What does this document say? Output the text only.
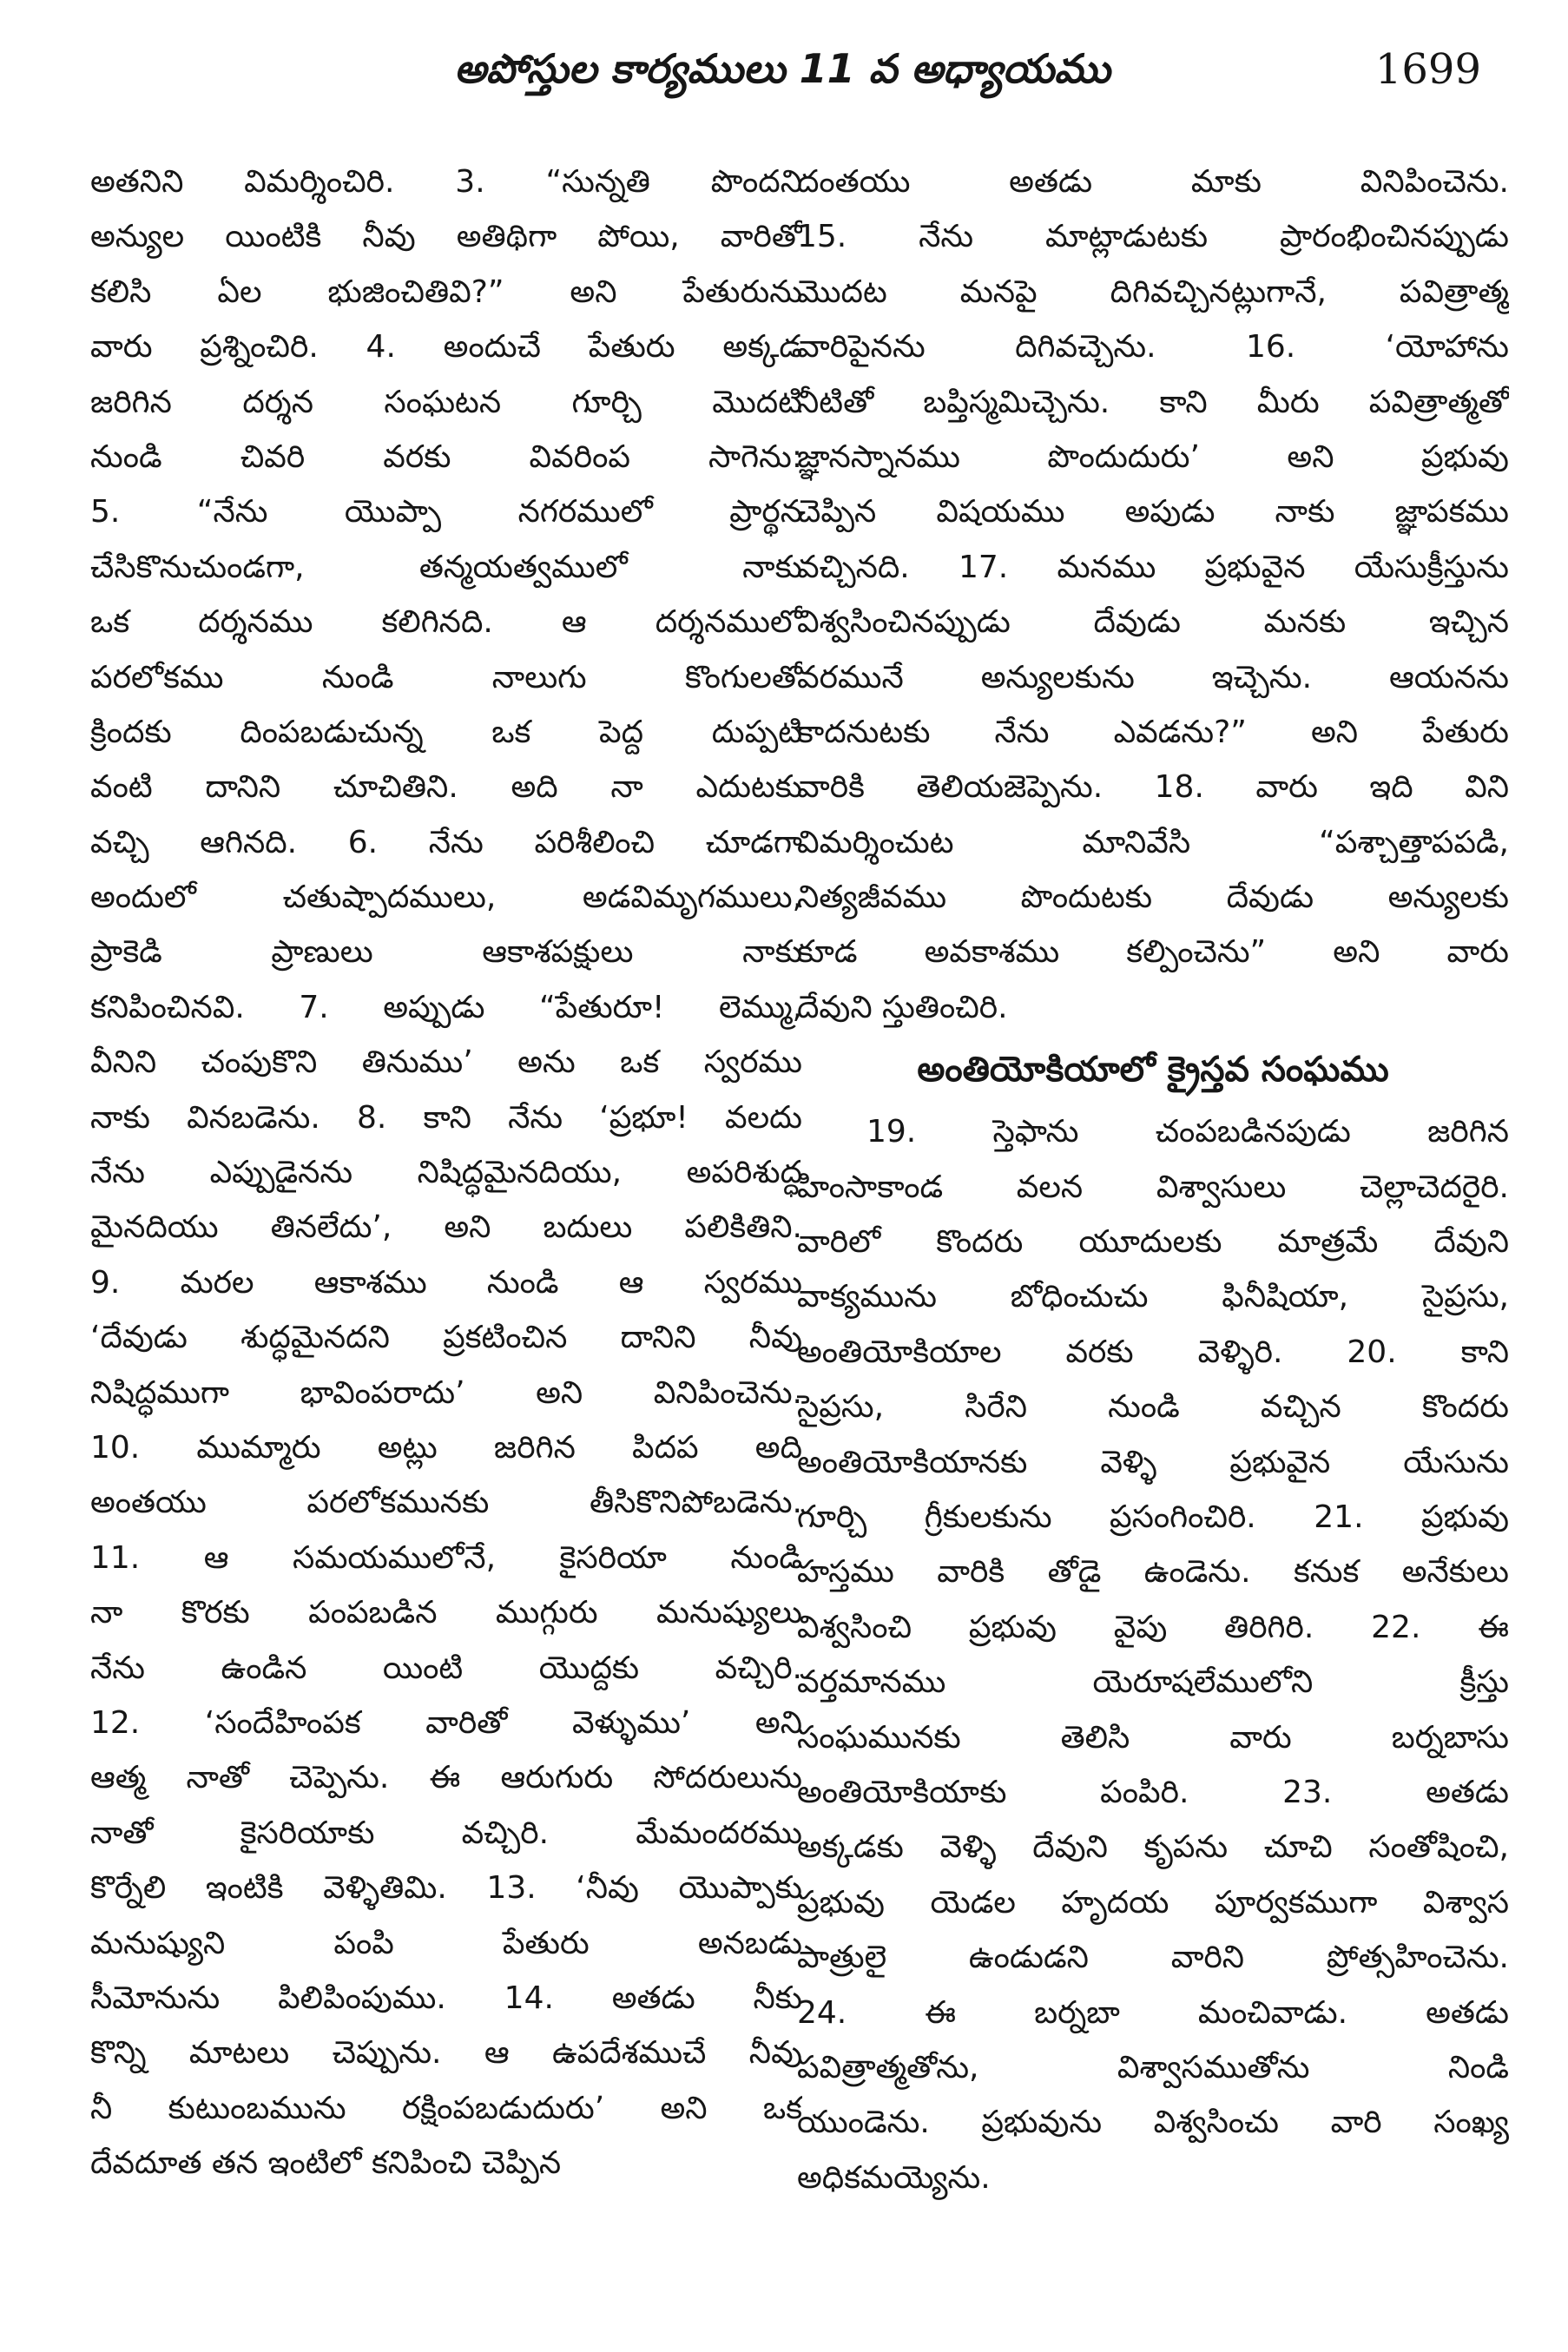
అపోస్తుల కార్యములు 11 వ అధ్యాయము	1699
అతనిని విమర్శించిరి. 3. “సున్నతి పొందని
అన్యుల యింటికి నీవు అతిథిగా పోయి, వారితో
కలిసి ఏల భుజించితివి?” అని పేతురును
వారు ప్రశ్నించిరి. 4. అందుచే పేతురు అక్కడ
జరిగిన దర్శన సంఘటన గూర్చి మొదటి
నుండి చివరి వరకు వివరింప సాగెను:
5. “నేను యొప్పా నగరములో ప్రార్థన
చేసికొనుచుండగా, తన్మయత్వములో నాకు
ఒక దర్శనము కలిగినది. ఆ దర్శనములో
పరలోకము నుండి నాలుగు కొంగులతో
క్రిందకు దింపబడుచున్న ఒక పెద్ద దుప్పటి
వంటి దానిని చూచితిని. అది నా ఎదుటకు
వచ్చి ఆగినది. 6. నేను పరిశీలించి చూడగా
అందులో చతుష్పాదములు, అడవిమృగములు,
ప్రాకెడి ప్రాణులు ఆకాశపక్షులు నాకు
కనిపించినవి. 7. అప్పుడు “పేతురూ! లెమ్ము,
వీనిని చంపుకొని తినుము’ అను ఒక స్వరము
నాకు వినబడెను. 8. కాని నేను ‘ప్రభూ! వలదు
నేను ఎప్పుడైనను నిషిద్ధమైనదియు, అపరిశుద్ధ
మైనదియు తినలేదు’, అని బదులు పలికితిని.
9. మరల ఆకాశము నుండి ఆ స్వరము
‘దేవుడు శుద్ధమైనదని ప్రకటించిన దానిని నీవు
నిషిద్ధముగా భావింపరాదు’ అని వినిపించెను.
10. ముమ్మారు అట్లు జరిగిన పిదప అది
అంతయు పరలోకమునకు తీసికొనిపోబడెను.
11. ఆ సమయములోనే, కైసరియా నుండి
నా కొరకు పంపబడిన ముగ్గురు మనుష్యులు
నేను ఉండిన యింటి యొద్దకు వచ్చిరి.
12. ‘సందేహింపక వారితో వెళ్ళుము’ అని
ఆత్మ నాతో చెప్పెను. ఈ ఆరుగురు సోదరులును
నాతో కైసరియాకు వచ్చిరి. మేమందరము
కొర్నేలి ఇంటికి వెళ్ళితిమి. 13. ‘నీవు యొప్పాకు
మనుష్యుని పంపి పేతురు అనబడు
సీమోనును పిలిపింపుము. 14. అతడు నీకు
కొన్ని మాటలు చెప్పును. ఆ ఉపదేశముచే నీవు
నీ కుటుంబమును రక్షింపబడుదురు’ అని ఒక
దేవదూత తన ఇంటిలో కనిపించి చెప్పిన
దంతయు అతడు మాకు వినిపించెను.
15. నేను మాట్లాడుటకు ప్రారంభించినప్పుడు
మొదట మనపై దిగివచ్చినట్లుగానే, పవిత్రాత్మ
వారిపైనను దిగివచ్చెను. 16. ‘యోహాను
నీటితో బప్తిస్మమిచ్చెను. కాని మీరు పవిత్రాత్మతో
జ్ఞానస్నానము పొందుదురు’ అని ప్రభువు
చెప్పిన విషయము అపుడు నాకు జ్ఞాపకము
వచ్చినది. 17. మనము ప్రభువైన యేసుక్రీస్తును
విశ్వసించినప్పుడు దేవుడు మనకు ఇచ్చిన
వరమునే అన్యులకును ఇచ్చెను. ఆయనను
కాదనుటకు నేను ఎవడను?” అని పేతురు
వారికి తెలియజెప్పెను. 18. వారు ఇది విని
విమర్శించుట మానివేసి “పశ్చాత్తాపపడి,
నిత్యజీవము పొందుటకు దేవుడు అన్యులకు
కూడ అవకాశము కల్పించెను” అని వారు
దేవుని స్తుతించిరి.
అంతియోకియాలో క్రైస్తవ సంఘము
19. స్తెఫాను చంపబడినపుడు జరిగిన
హింసాకాండ వలన విశ్వాసులు చెల్లాచెదరైరి.
వారిలో కొందరు యూదులకు మాత్రమే దేవుని
వాక్యమును బోధించుచు ఫినీషియా, సైప్రసు,
అంతియోకియాల వరకు వెళ్ళిరి. 20. కాని
సైప్రసు, సిరేని నుండి వచ్చిన కొందరు
అంతియోకియానకు వెళ్ళి ప్రభువైన యేసును
గూర్చి గ్రీకులకును ప్రసంగించిరి. 21. ప్రభువు
హస్తము వారికి తోడై ఉండెను. కనుక అనేకులు
విశ్వసించి ప్రభువు వైపు తిరిగిరి. 22. ఈ
వర్తమానము యెరూషలేములోని క్రీస్తు
సంఘమునకు తెలిసి వారు బర్నబాసు
అంతియోకియాకు పంపిరి. 23. అతడు
అక్కడకు వెళ్ళి దేవుని కృపను చూచి సంతోషించి,
ప్రభువు యెడల హృదయ పూర్వకముగా విశ్వాస
పాత్రులై ఉండుడని వారిని ప్రోత్సహించెను.
24. ఈ బర్నబా మంచివాడు. అతడు
పవిత్రాత్మతోను, విశ్వాసముతోను నిండి
యుండెను. ప్రభువును విశ్వసించు వారి సంఖ్య
అధికమయ్యెను.
